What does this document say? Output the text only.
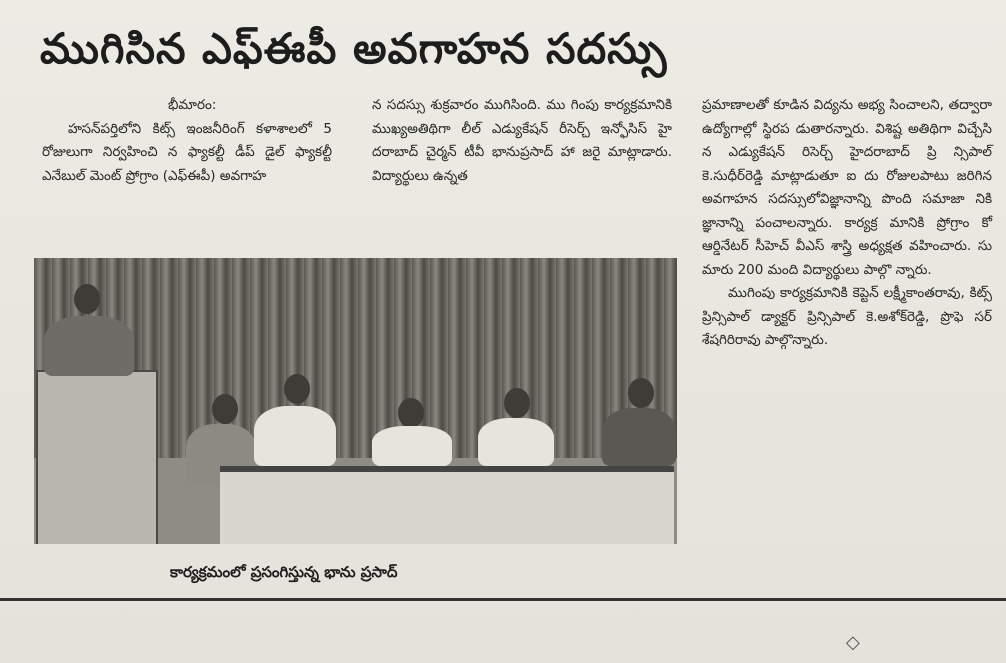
ముగిసిన ఎఫ్‌ఈపీ అవగాహన సదస్సు
భీమారం:

హసన్‌పర్తిలోని కిట్స్ ఇంజనీరింగ్ కళాశాలలో 5 రోజులుగా నిర్వహించి న ఫ్యాకల్టీ డీప్ డైల్ ఫ్యాకల్టీ ఎనేబుల్ మెంట్ ప్రోగ్రాం (ఎఫ్‌ఈపీ) అవగాహ

న సదస్సు శుక్రవారం ముగిసింది. ము గింపు కార్యక్రమానికి ముఖ్యఅతిథిగా లీల్ ఎడ్యుకేషన్ రీసెర్చ్ ఇన్ఫోసిస్ హై దరాబాద్ చైర్మన్ టీవీ భానుప్రసాద్ హా జరై మాట్లాడారు. విద్యార్థులు ఉన్నత

ప్రమాణాలతో కూడిన విద్యను అభ్య సించాలని, తద్వారా ఉద్యోగాల్లో స్థిరప డుతారన్నారు. విశిష్ట అతిథిగా విచ్చేసి న ఎడ్యుకేషన్ రిసెర్చ్ హైదరాబాద్ ప్రి న్సిపాల్ కె.సుధీర్‌రెడ్డి మాట్లాడుతూ ఐ దు రోజులపాటు జరిగిన అవగాహన సదస్సులోవిజ్ఞానాన్ని పొంది సమాజా నికి జ్ఞానాన్ని పంచాలన్నారు. కార్యక్ర మానికి ప్రోగ్రాం కో ఆర్డినేటర్ సీహెచ్ వీఎస్ శాస్త్రి అధ్యక్షత వహించారు. సు మారు 200 మంది విద్యార్థులు పాల్గొ న్నారు.

ముగింపు కార్యక్రమానికి కెప్టెన్ లక్ష్మీకాంతరావు, కిట్స్ ప్రిన్సిపాల్ డ్యాక్టర్ ప్రిన్సిపాల్ కె.అశోక్‌రెడ్డి, ప్రొఫె సర్ శేషగిరిరావు పాల్గొన్నారు.

కార్యక్రమంలో ప్రసంగిస్తున్న భాను ప్రసాద్
◇
